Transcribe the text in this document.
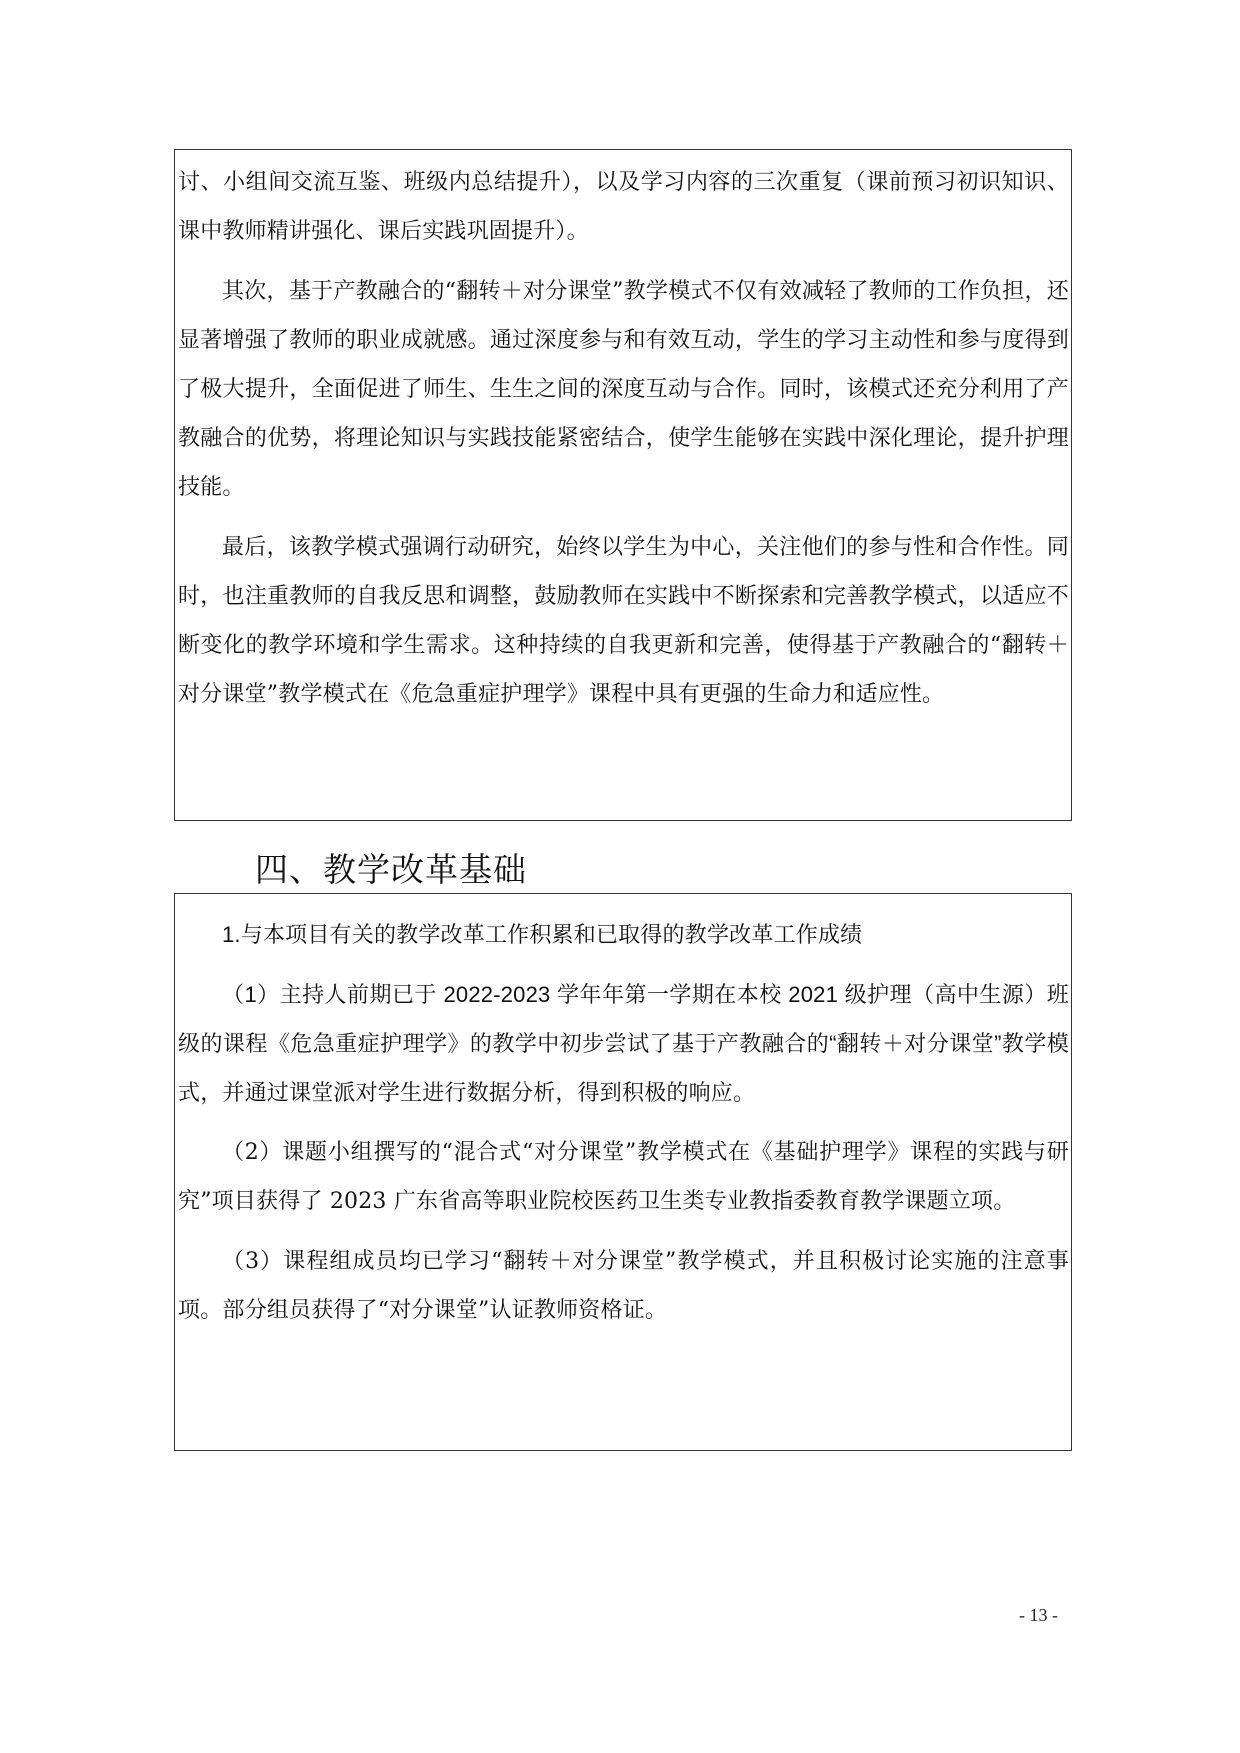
讨、小组间交流互鉴、班级内总结提升），以及学习内容的三次重复（课前预习初识知识、课中教师精讲强化、课后实践巩固提升）。

其次，基于产教融合的“翻转＋对分课堂”教学模式不仅有效减轻了教师的工作负担，还显著增强了教师的职业成就感。通过深度参与和有效互动，学生的学习主动性和参与度得到了极大提升，全面促进了师生、生生之间的深度互动与合作。同时，该模式还充分利用了产教融合的优势，将理论知识与实践技能紧密结合，使学生能够在实践中深化理论，提升护理技能。

最后，该教学模式强调行动研究，始终以学生为中心，关注他们的参与性和合作性。同时，也注重教师的自我反思和调整，鼓励教师在实践中不断探索和完善教学模式，以适应不断变化的教学环境和学生需求。这种持续的自我更新和完善，使得基于产教融合的“翻转＋对分课堂”教学模式在《危急重症护理学》课程中具有更强的生命力和适应性。

四、教学改革基础

1.与本项目有关的教学改革工作积累和已取得的教学改革工作成绩

（1）主持人前期已于 2022-2023 学年年第一学期在本校 2021 级护理（高中生源）班级的课程《危急重症护理学》的教学中初步尝试了基于产教融合的“翻转＋对分课堂”教学模式，并通过课堂派对学生进行数据分析，得到积极的响应。

（2）课题小组撰写的“混合式“对分课堂”教学模式在《基础护理学》课程的实践与研究”项目获得了 2023 广东省高等职业院校医药卫生类专业教指委教育教学课题立项。

（3）课程组成员均已学习“翻转＋对分课堂”教学模式，并且积极讨论实施的注意事项。部分组员获得了“对分课堂”认证教师资格证。

- 13 -
